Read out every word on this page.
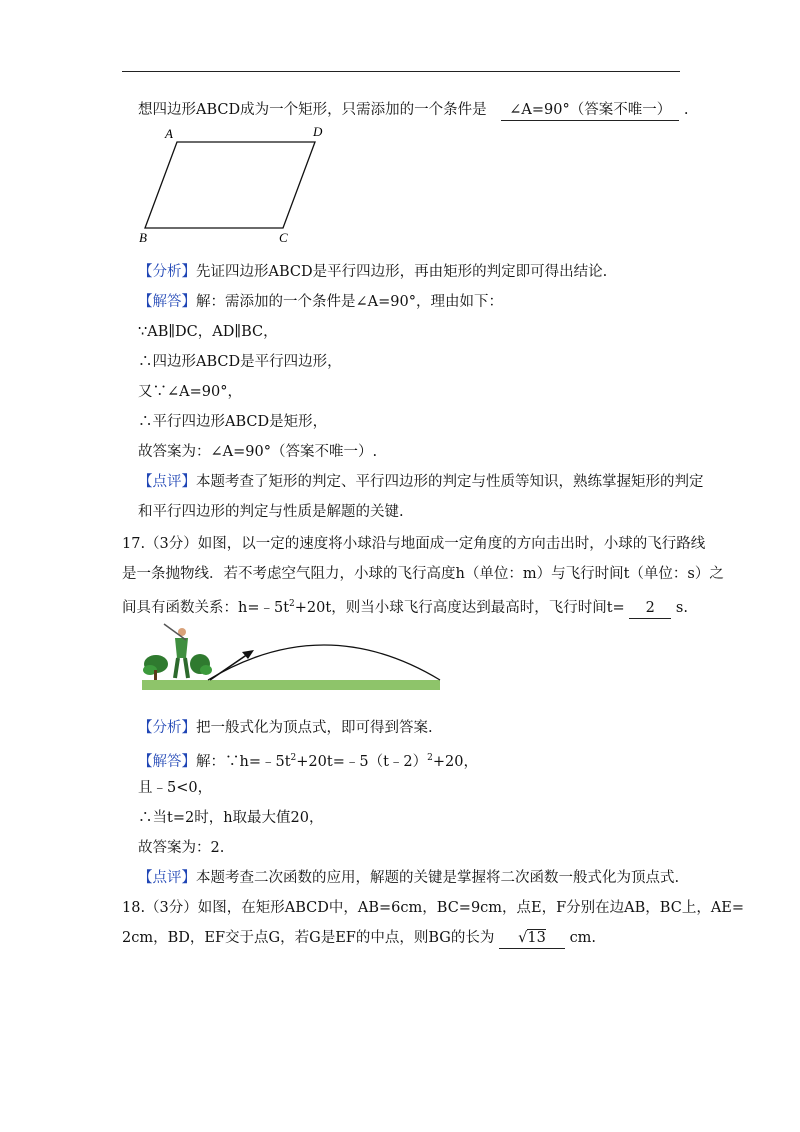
想四边形ABCD成为一个矩形，只需添加的一个条件是 ∠A=90°（答案不唯一） .
A	D
B	C
【分析】先证四边形ABCD是平行四边形，再由矩形的判定即可得出结论.
【解答】解：需添加的一个条件是∠A=90°，理由如下：
∵AB∥DC，AD∥BC，
∴四边形ABCD是平行四边形，
又∵∠A=90°，
∴平行四边形ABCD是矩形，
故答案为：∠A=90°（答案不唯一）.
【点评】本题考查了矩形的判定、平行四边形的判定与性质等知识，熟练掌握矩形的判定
和平行四边形的判定与性质是解题的关键.
17.（3分）如图，以一定的速度将小球沿与地面成一定角度的方向击出时，小球的飞行路线
是一条抛物线．若不考虑空气阻力，小球的飞行高度h（单位：m）与飞行时间t（单位：s）之
间具有函数关系：$h=﹣5t^2+20t$，则当小球飞行高度达到最高时，飞行时间t= 2 s.
【分析】把一般式化为顶点式，即可得到答案.
【解答】解：$\because h=﹣5t^2+20t=﹣5(t﹣2)^2+20$，
且﹣5<0，
∴当t=2时，h取最大值20，
故答案为：2.
【点评】本题考查二次函数的应用，解题的关键是掌握将二次函数一般式化为顶点式.
18.（3分）如图，在矩形ABCD中，AB=6cm，BC=9cm，点E，F分别在边AB，BC上，AE=
2cm，BD，EF交于点G，若G是EF的中点，则BG的长为 √13 cm.
